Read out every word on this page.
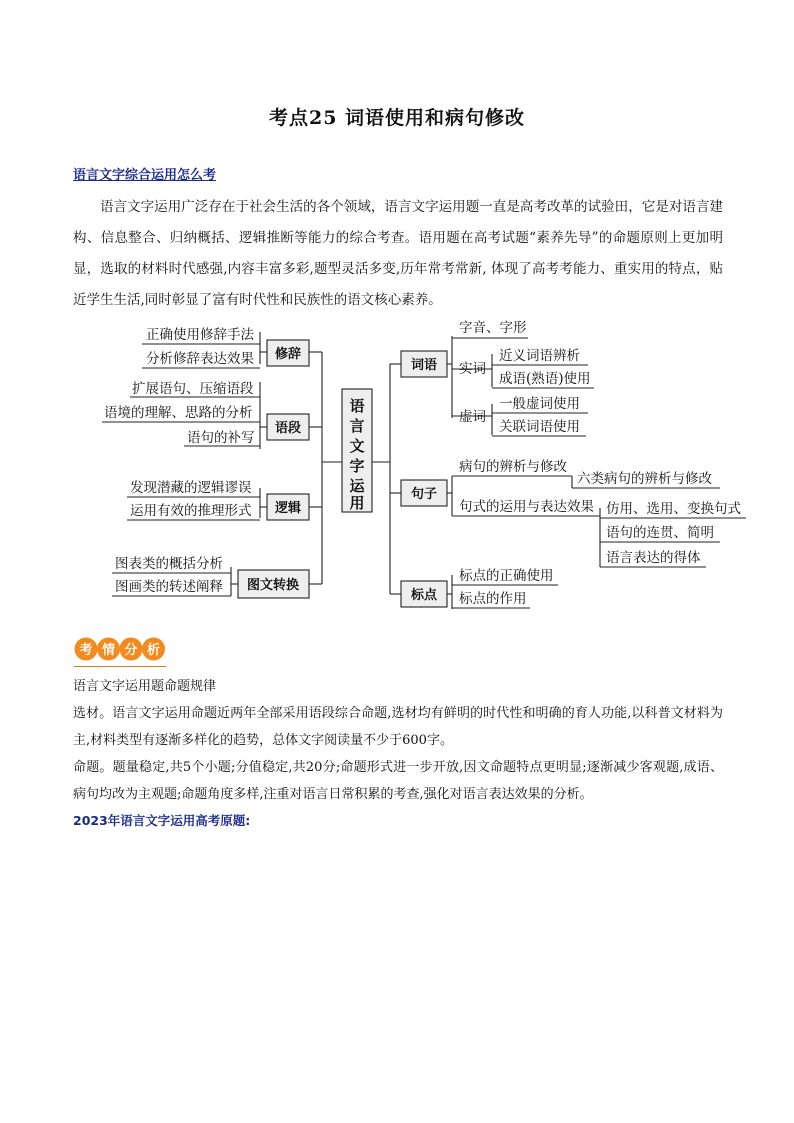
考点25 词语使用和病句修改
语言文字综合运用怎么考
语言文字运用广泛存在于社会生活的各个领域，语言文字运用题一直是高考改革的试验田，它是对语言建构、信息整合、归纳概括、逻辑推断等能力的综合考查。语用题在高考试题“素养先导”的命题原则上更加明显，选取的材料时代感强,内容丰富多彩,题型灵活多变,历年常考常新, 体现了高考考能力、重实用的特点，贴近学生生活,同时彰显了富有时代性和民族性的语文核心素养。
语
言
文
字
运
用
修辞
语段
逻辑
图文转换
词语
句子
标点
正确使用修辞手法
分析修辞表达效果
扩展语句、压缩语段
语境的理解、思路的分析
语句的补写
发现潜藏的逻辑谬误
运用有效的推理形式
图表类的概括分析
图画类的转述阐释
字音、字形
实词
虚词
近义词语辨析
成语(熟语)使用
一般虚词使用
关联词语使用
病句的辨析与修改
六类病句的辨析与修改
句式的运用与表达效果 仿用、选用、变换句式
语句的连贯、简明
语言表达的得体
标点的正确使用
标点的作用
考 情 分 析
语言文字运用题命题规律
选材。语言文字运用命题近两年全部采用语段综合命题,选材均有鲜明的时代性和明确的育人功能,以科普文材料为主,材料类型有逐渐多样化的趋势，总体文字阅读量不少于600字。
命题。题量稳定,共5个小题;分值稳定,共20分;命题形式进一步开放,因文命题特点更明显;逐渐减少客观题,成语、病句均改为主观题;命题角度多样,注重对语言日常积累的考查,强化对语言表达效果的分析。
2023年语言文字运用高考原题:
